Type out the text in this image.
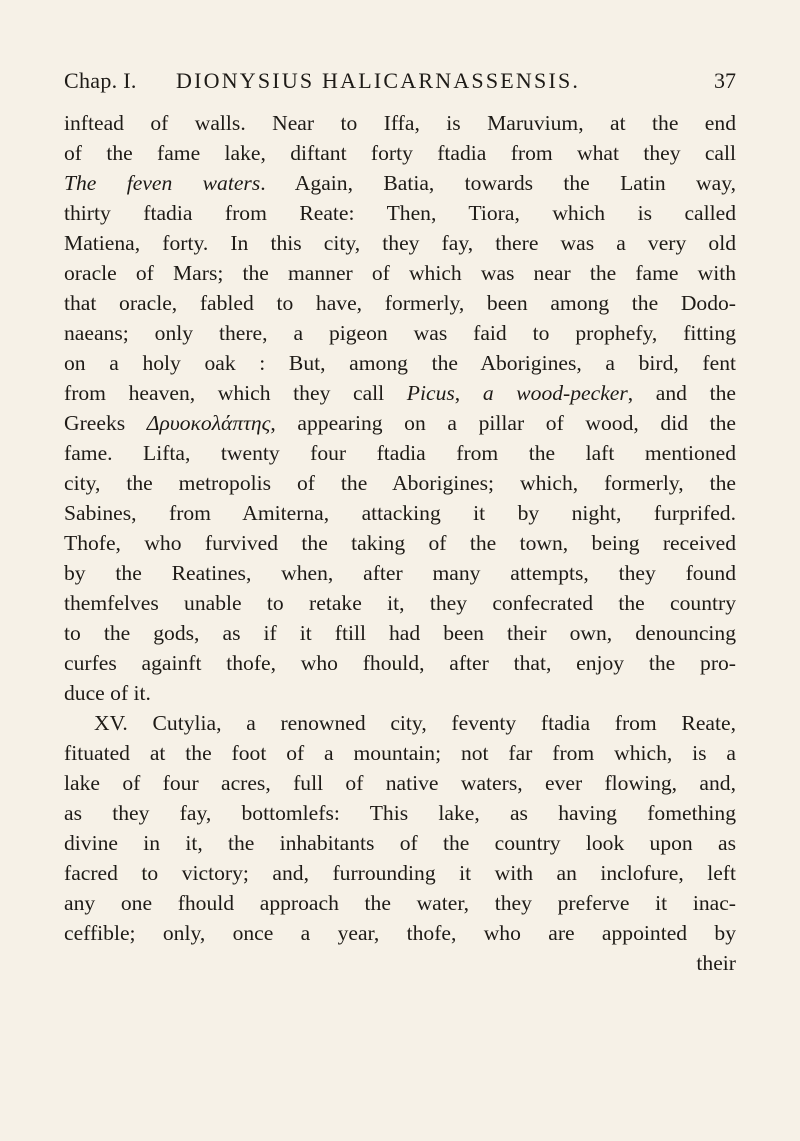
Chap. I. DIONYSIUS HALICARNASSENSIS.	37
inftead of walls. Near to Iffa, is Maruvium, at the end
of the fame lake, diftant forty ftadia from what they call
The feven waters. Again, Batia, towards the Latin way,
thirty ftadia from Reate: Then, Tiora, which is called
Matiena, forty. In this city, they fay, there was a very old
oracle of Mars; the manner of which was near the fame with
that oracle, fabled to have, formerly, been among the Dodo-
naeans; only there, a pigeon was faid to prophefy, fitting
on a holy oak : But, among the Aborigines, a bird, fent
from heaven, which they call Picus, a wood-pecker, and the
Greeks Δρυοκολάπτης, appearing on a pillar of wood, did the
fame. Lifta, twenty four ftadia from the laft mentioned
city, the metropolis of the Aborigines; which, formerly, the
Sabines, from Amiterna, attacking it by night, furprifed.
Thofe, who furvived the taking of the town, being received
by the Reatines, when, after many attempts, they found
themfelves unable to retake it, they confecrated the country
to the gods, as if it ftill had been their own, denouncing
curfes againft thofe, who fhould, after that, enjoy the pro-
duce of it.
XV. Cutylia, a renowned city, feventy ftadia from Reate,
fituated at the foot of a mountain; not far from which, is a
lake of four acres, full of native waters, ever flowing, and,
as they fay, bottomlefs: This lake, as having fomething
divine in it, the inhabitants of the country look upon as
facred to victory; and, furrounding it with an inclofure, left
any one fhould approach the water, they preferve it inac-
ceffible; only, once a year, thofe, who are appointed by
their
